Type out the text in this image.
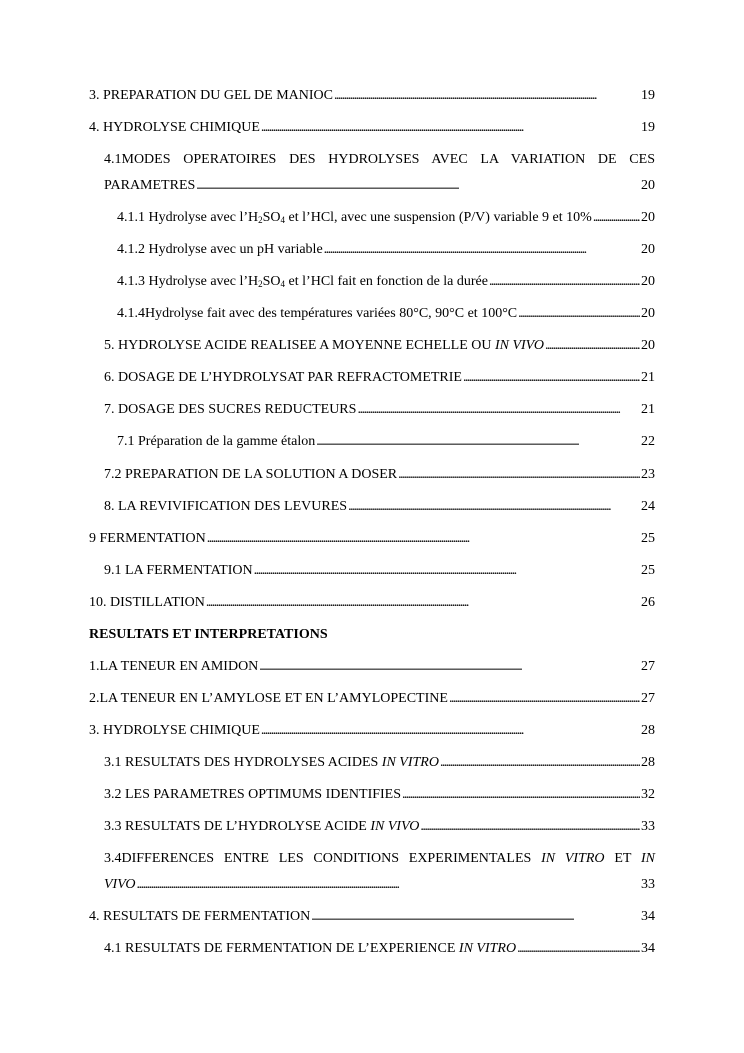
3. PREPARATION DU GEL DE MANIOC . . .	19
4. HYDROLYSE CHIMIQUE . . .	19
4.1MODES OPERATOIRES DES HYDROLYSES AVEC LA VARIATION DE CES
PARAMETRES . . .	20
4.1.1 Hydrolyse avec $l’H_2SO_4$ et l’HCl, avec une suspension (P/V) variable 9 et 10% . . .	20
4.1.2 Hydrolyse avec un pH variable . . .	20
4.1.3 Hydrolyse avec $l’H_2SO_4$ et l’HCl fait en fonction de la durée . . .	20
4.1.4Hydrolyse fait avec des températures variées 80°C, 90°C et 100°C . . .	20
5. HYDROLYSE ACIDE REALISEE A MOYENNE ECHELLE OU IN VIVO . . .	20
6. DOSAGE DE L’HYDROLYSAT PAR REFRACTOMETRIE . . .	21
7. DOSAGE DES SUCRES REDUCTEURS . . .	21
7.1 Préparation de la gamme étalon . . .	22
7.2 PREPARATION DE LA SOLUTION A DOSER . . .	23
8. LA REVIVIFICATION DES LEVURES . . .	24
9 FERMENTATION . . .	25
9.1 LA FERMENTATION . . .	25
10. DISTILLATION . . .	26
RESULTATS ET INTERPRETATIONS
1.LA TENEUR EN AMIDON . . .	27
2.LA TENEUR EN L’AMYLOSE ET EN L’AMYLOPECTINE . . .	27
3. HYDROLYSE CHIMIQUE . . .	28
3.1 RESULTATS DES HYDROLYSES ACIDES IN VITRO . . .	28
3.2 LES PARAMETRES OPTIMUMS IDENTIFIES . . .	32
3.3 RESULTATS DE L’HYDROLYSE ACIDE IN VIVO . . .	33
3.4DIFFERENCES ENTRE LES CONDITIONS EXPERIMENTALES IN VITRO ET IN
VIVO . . .	33
4. RESULTATS DE FERMENTATION . . .	34
4.1 RESULTATS DE FERMENTATION DE L’EXPERIENCE IN VITRO . . .	34
